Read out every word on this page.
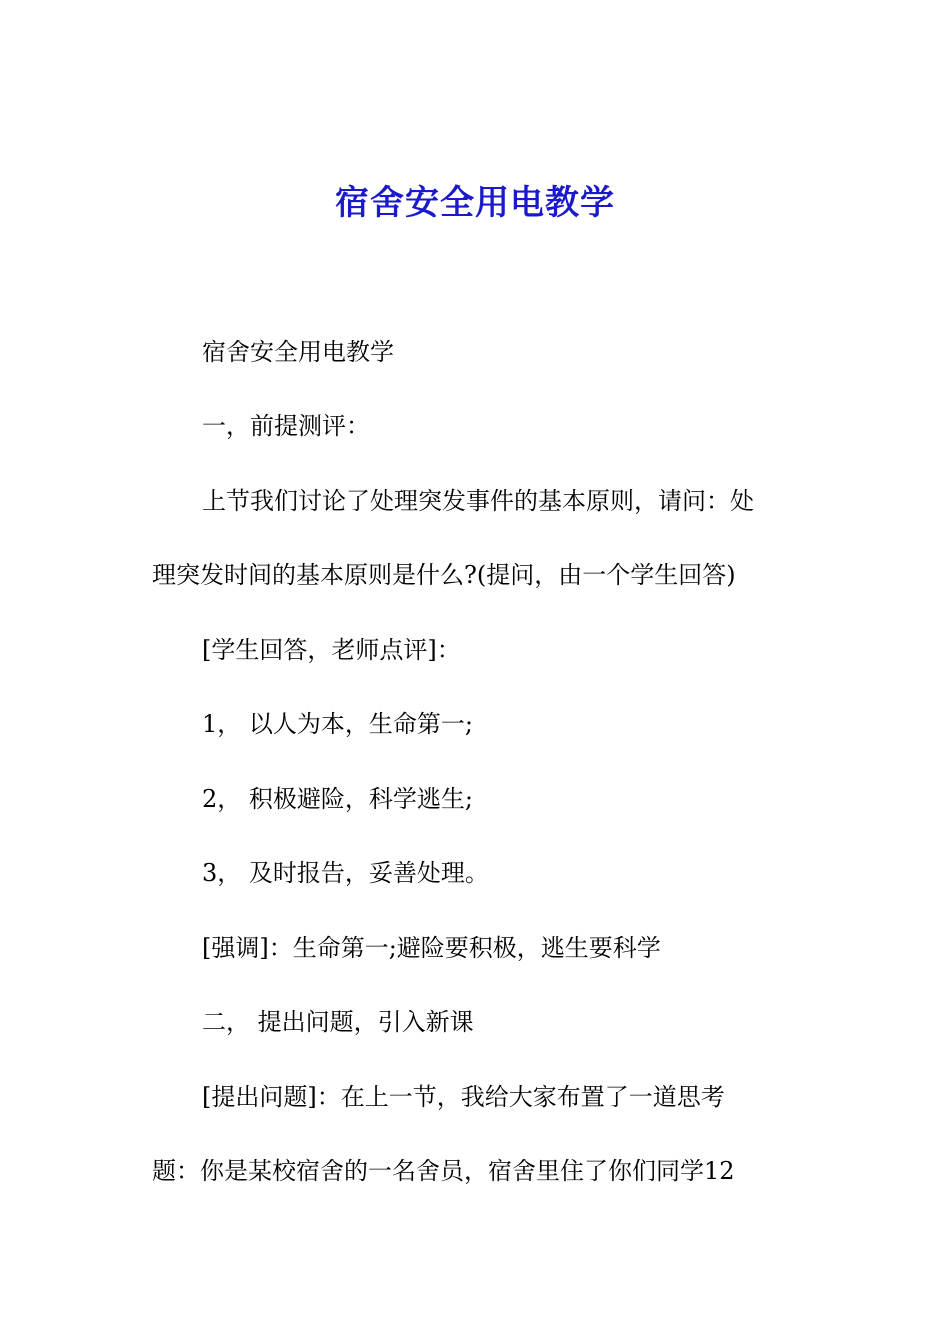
宿舍安全用电教学
宿舍安全用电教学
一，前提测评：
上节我们讨论了处理突发事件的基本原则，请问：处
理突发时间的基本原则是什么?(提问，由一个学生回答)
[学生回答，老师点评]：
1， 以人为本，生命第一;
2， 积极避险，科学逃生;
3， 及时报告，妥善处理。
[强调]：生命第一;避险要积极，逃生要科学
二， 提出问题，引入新课
[提出问题]：在上一节，我给大家布置了一道思考
题：你是某校宿舍的一名舍员，宿舍里住了你们同学12
